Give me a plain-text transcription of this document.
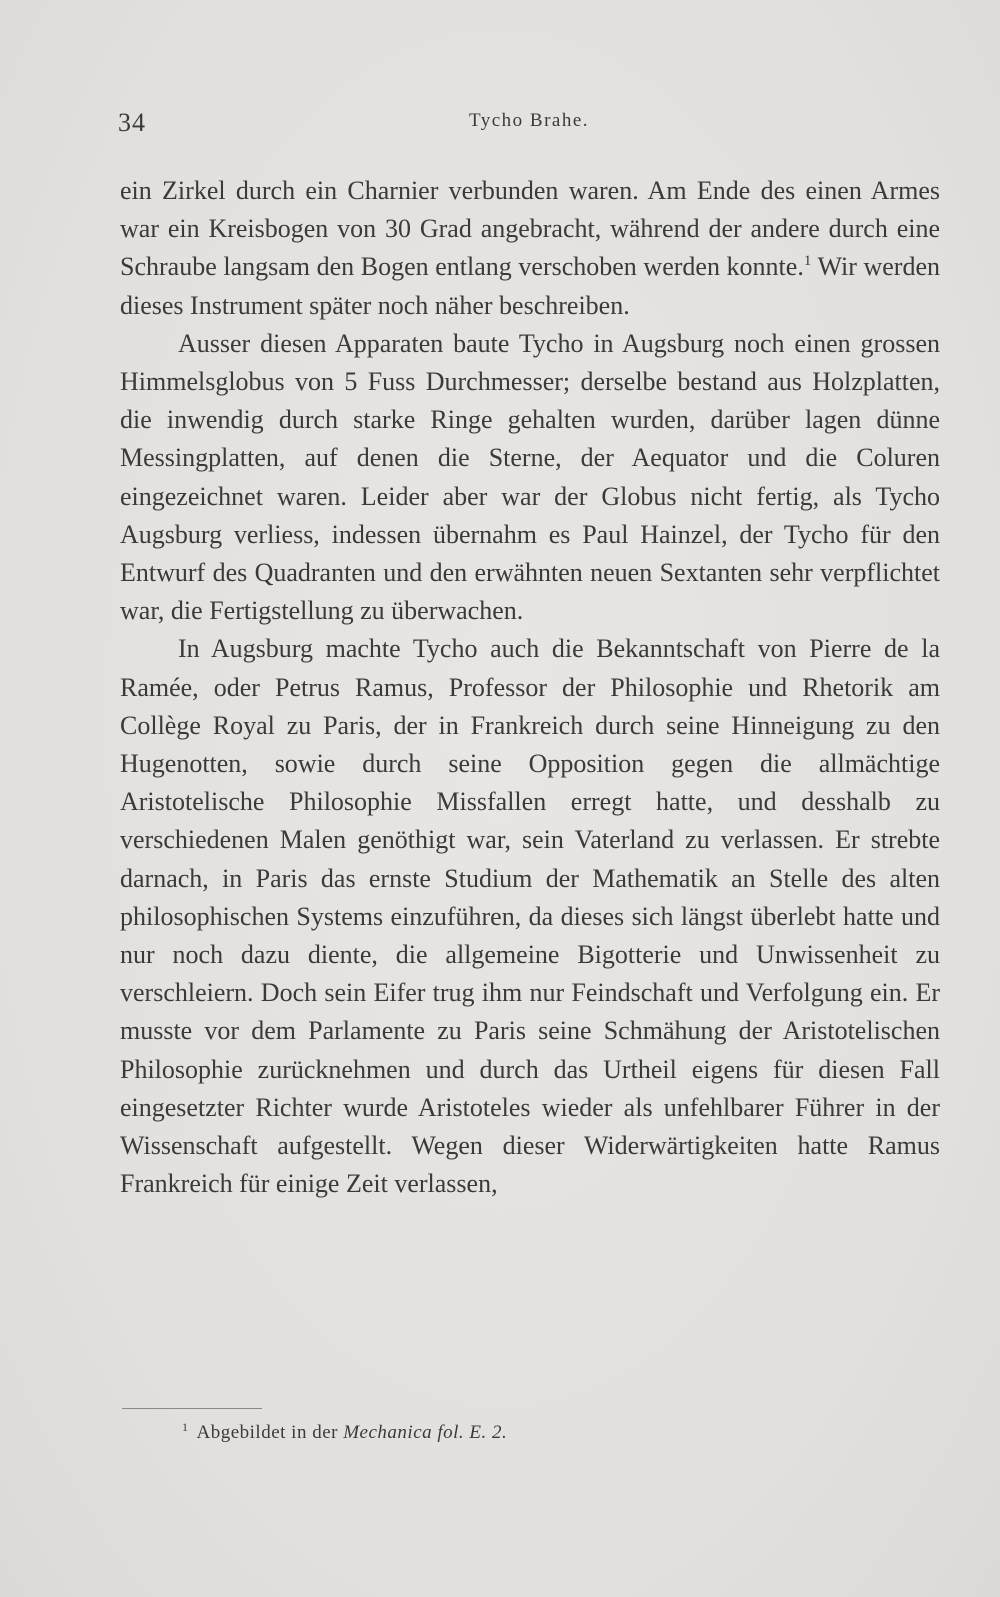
34	Tycho Brahe.

ein Zirkel durch ein Charnier verbunden waren. Am Ende des einen Armes war ein Kreisbogen von 30 Grad angebracht, während der andere durch eine Schraube langsam den Bogen entlang verschoben werden konnte.$^1$ Wir werden dieses Instrument später noch näher beschreiben.

Ausser diesen Apparaten baute Tycho in Augsburg noch einen grossen Himmelsglobus von 5 Fuss Durchmesser; derselbe bestand aus Holzplatten, die inwendig durch starke Ringe gehalten wurden, darüber lagen dünne Messingplatten, auf denen die Sterne, der Aequator und die Coluren eingezeichnet waren. Leider aber war der Globus nicht fertig, als Tycho Augsburg verliess, indessen übernahm es Paul Hainzel, der Tycho für den Entwurf des Quadranten und den erwähnten neuen Sextanten sehr verpflichtet war, die Fertigstellung zu überwachen.

In Augsburg machte Tycho auch die Bekanntschaft von Pierre de la Ramée, oder Petrus Ramus, Professor der Philosophie und Rhetorik am Collège Royal zu Paris, der in Frankreich durch seine Hinneigung zu den Hugenotten, sowie durch seine Opposition gegen die allmächtige Aristotelische Philosophie Missfallen erregt hatte, und desshalb zu verschiedenen Malen genöthigt war, sein Vaterland zu verlassen. Er strebte darnach, in Paris das ernste Studium der Mathematik an Stelle des alten philosophischen Systems einzuführen, da dieses sich längst überlebt hatte und nur noch dazu diente, die allgemeine Bigotterie und Unwissenheit zu verschleiern. Doch sein Eifer trug ihm nur Feindschaft und Verfolgung ein. Er musste vor dem Parlamente zu Paris seine Schmähung der Aristotelischen Philosophie zurücknehmen und durch das Urtheil eigens für diesen Fall eingesetzter Richter wurde Aristoteles wieder als unfehlbarer Führer in der Wissenschaft aufgestellt. Wegen dieser Widerwärtigkeiten hatte Ramus Frankreich für einige Zeit verlassen,

$^1$ Abgebildet in der Mechanica fol. E. 2.
